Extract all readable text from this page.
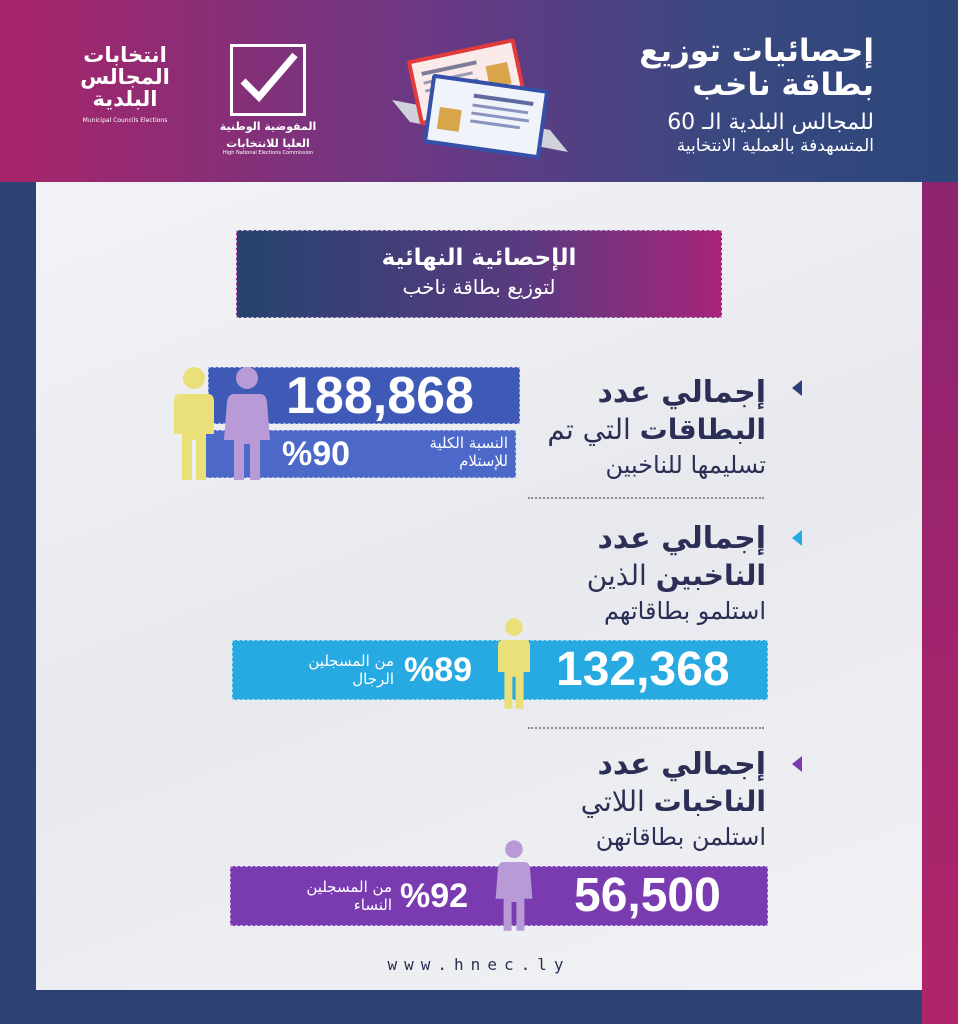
انتخابات
المجالس
البلدية
Municipal Councils Elections	المفوضية الوطنية
العليا للانتخابات
High National Elections Commission
إحصائيات توزيع
بطاقة ناخب
للمجالس البلدية الـ 60
المتسهدفة بالعملية الانتخابية
الإحصائية النهائية
لتوزيع بطاقة ناخب
إجمالي عدد
البطاقات التي تم
تسليمها للناخبين
188,868
%90	النسبة الكلية
للإستلام
إجمالي عدد
الناخبين الذين
استلمو بطاقاتهم
132,368
%89
من المسجلين
الرجال
إجمالي عدد
الناخبات اللاتي
استلمن بطاقاتهن
56,500
%92
من المسجلين
النساء
www.hnec.ly
